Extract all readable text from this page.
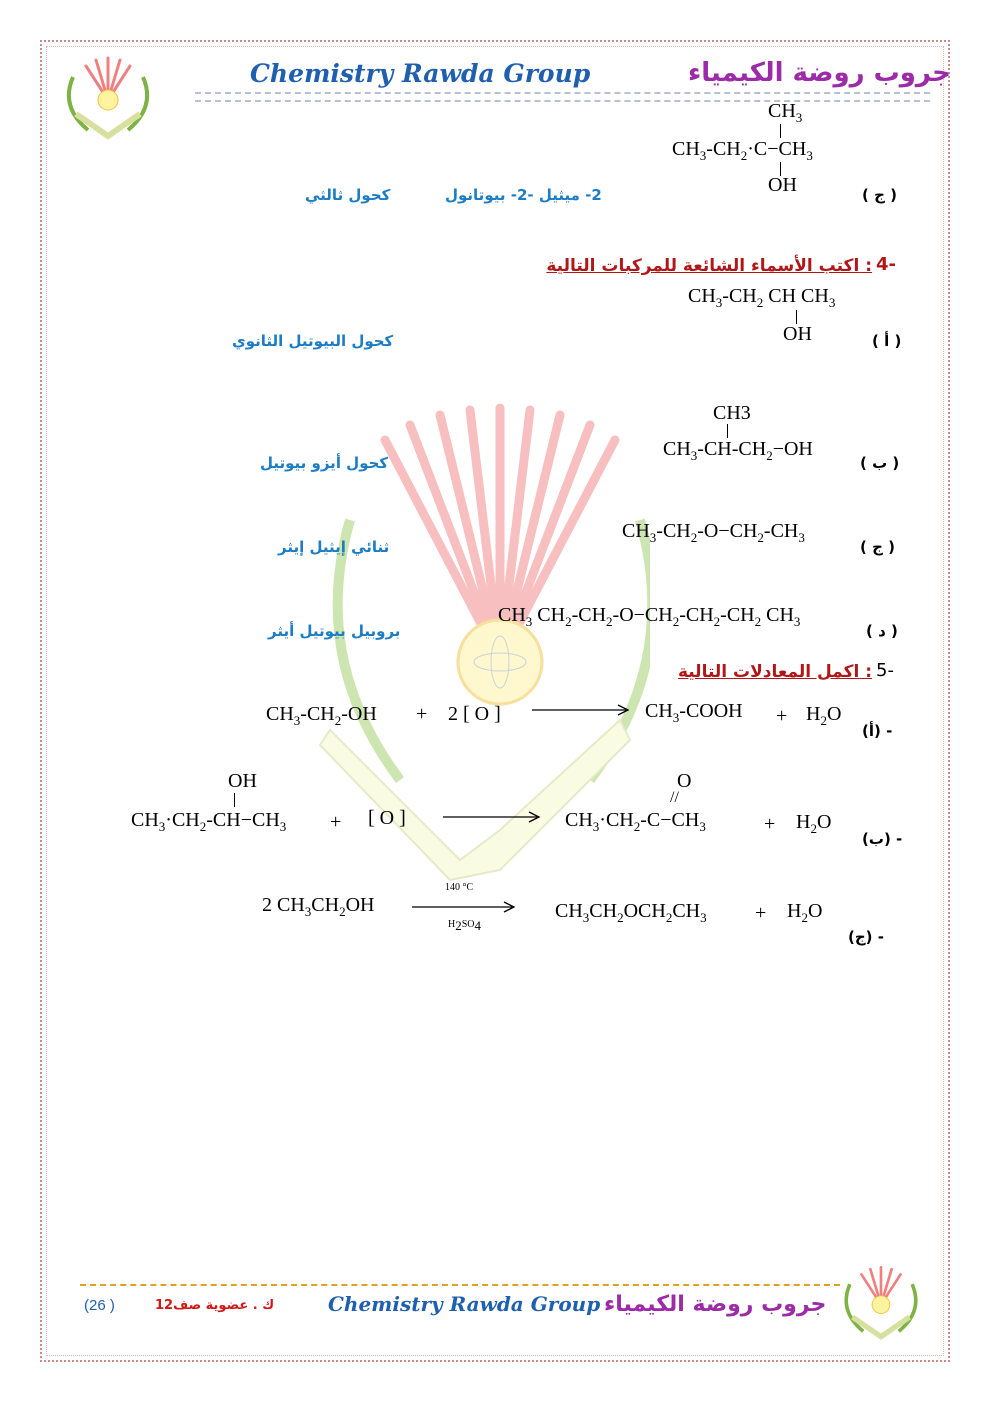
Chemistry Rawda Group	جروب روضة الكيمياء
$CH_3$
$CH_3-CH_2\cdot C-CH_3$
OH	( ج )
2- ميثيل -2- بيوتانول
كحول ثالثي
اكتب الأسماء الشائعة للمركبات التالية : 4-
$CH_3-CH_2$ CH $CH_3$
OH	( أ )
كحول البيوتيل الثانوي
CH3
$CH_3-CH-CH_2-OH$
( ب )
كحول أيزو بيوتيل
$CH_3-CH_2-O-CH_2-CH_3$
( ج )
ثنائي إيثيل إيثر
$CH_3$ $CH_2-CH_2-O-CH_2-CH_2-CH_2$ $CH_3$
( د )
بروبيل بيوتيل أيثر
اكمل المعادلات التالية : 5-
$CH_3-CH_2-OH + 2$ [ O ]	$CH_3$-COOH + $H_2O$
(أ) -
OH
$CH_3\cdot CH_2-CH-CH_3$ + [ O ]
O
//
$CH_3\cdot CH_2-C-CH_3$	+ $H_2O$
(ب) -
2 $CH_3CH_2OH$
140 °C
$H_2SO_4$
$CH_3CH_2OCH_2CH_3 + H_2O$
(ج) -
(26 )	ك . عضوية صف12	Chemistry Rawda Group جروب روضة الكيمياء
